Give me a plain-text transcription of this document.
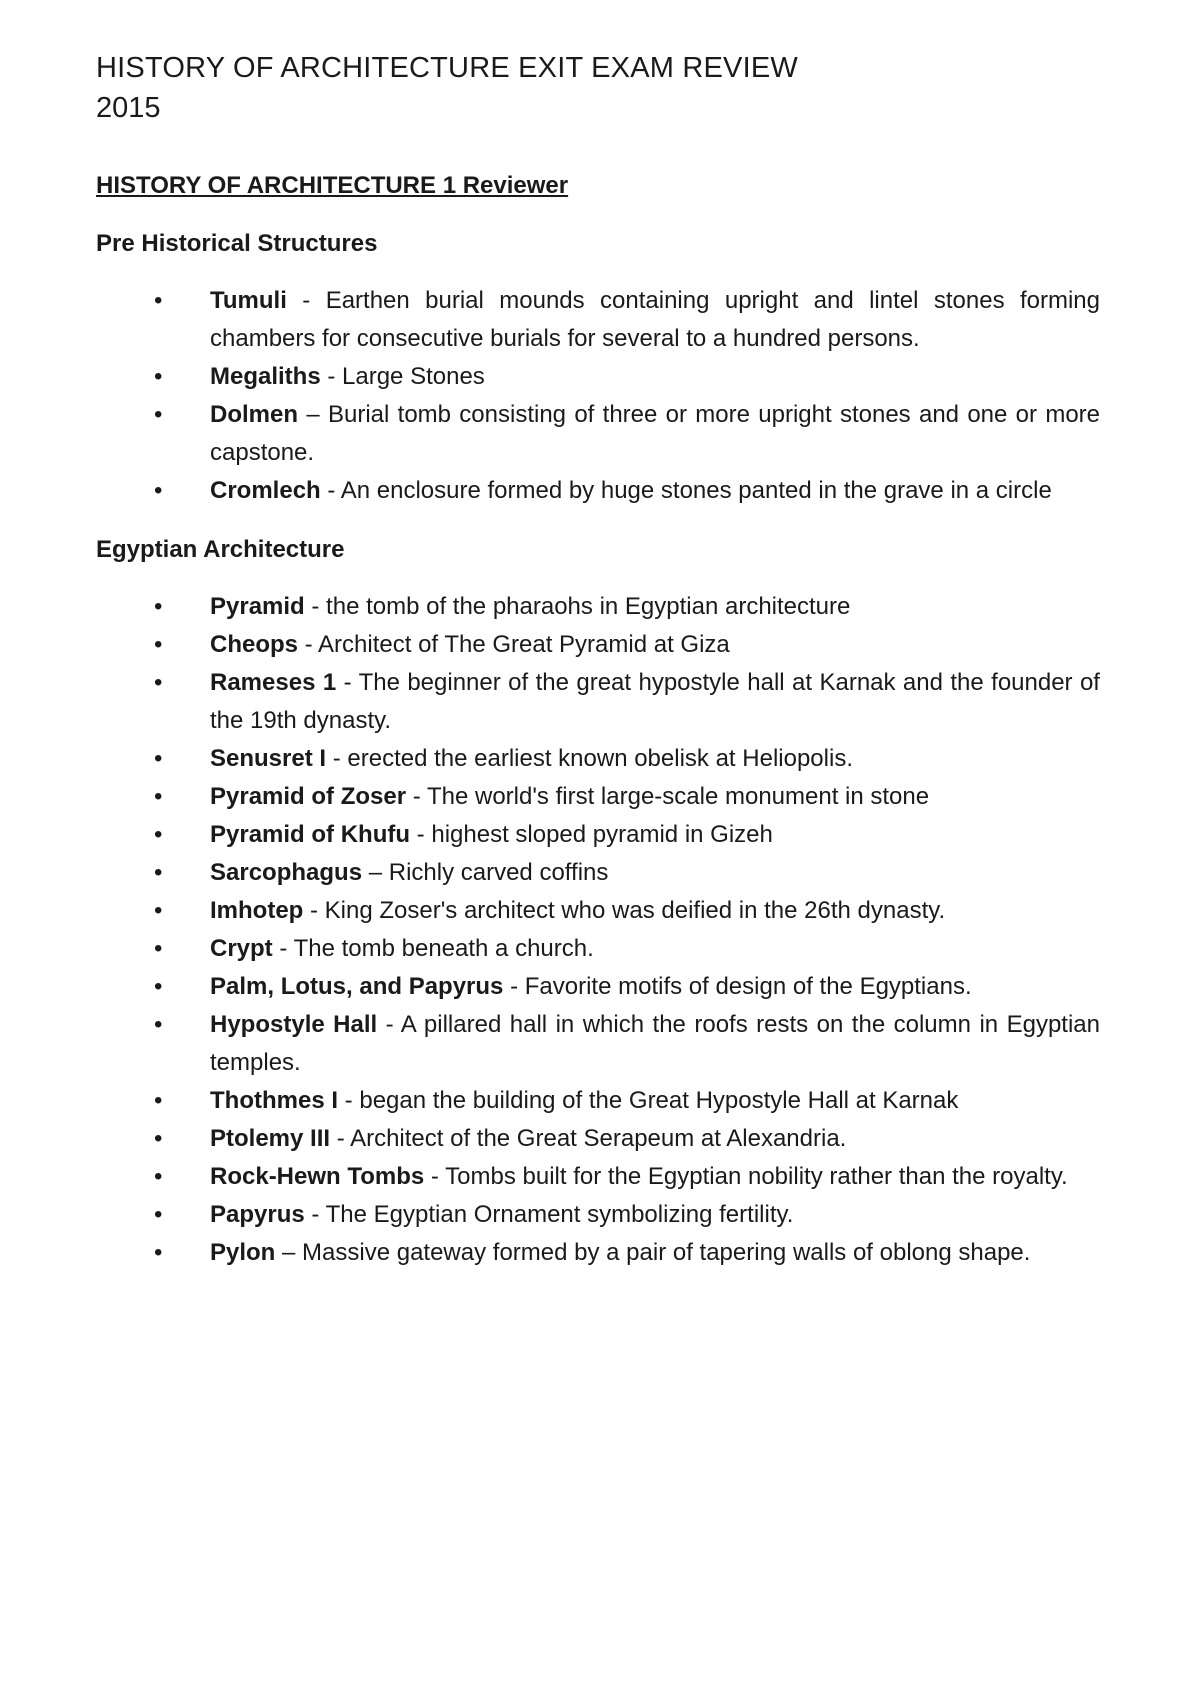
HISTORY OF ARCHITECTURE EXIT EXAM REVIEW
2015
HISTORY OF ARCHITECTURE 1 Reviewer
Pre Historical Structures
• Tumuli - Earthen burial mounds containing upright and lintel stones forming chambers for consecutive burials for several to a hundred persons.
• Megaliths - Large Stones
• Dolmen – Burial tomb consisting of three or more upright stones and one or more capstone.
• Cromlech - An enclosure formed by huge stones panted in the grave in a circle
Egyptian Architecture
• Pyramid - the tomb of the pharaohs in Egyptian architecture
• Cheops - Architect of The Great Pyramid at Giza
• Rameses 1 - The beginner of the great hypostyle hall at Karnak and the founder of the 19th dynasty.
• Senusret I - erected the earliest known obelisk at Heliopolis.
• Pyramid of Zoser - The world's first large-scale monument in stone
• Pyramid of Khufu - highest sloped pyramid in Gizeh
• Sarcophagus – Richly carved coffins
• Imhotep - King Zoser's architect who was deified in the 26th dynasty.
• Crypt - The tomb beneath a church.
• Palm, Lotus, and Papyrus - Favorite motifs of design of the Egyptians.
• Hypostyle Hall - A pillared hall in which the roofs rests on the column in Egyptian temples.
• Thothmes I - began the building of the Great Hypostyle Hall at Karnak
• Ptolemy III - Architect of the Great Serapeum at Alexandria.
• Rock-Hewn Tombs - Tombs built for the Egyptian nobility rather than the royalty.
• Papyrus - The Egyptian Ornament symbolizing fertility.
• Pylon – Massive gateway formed by a pair of tapering walls of oblong shape.
